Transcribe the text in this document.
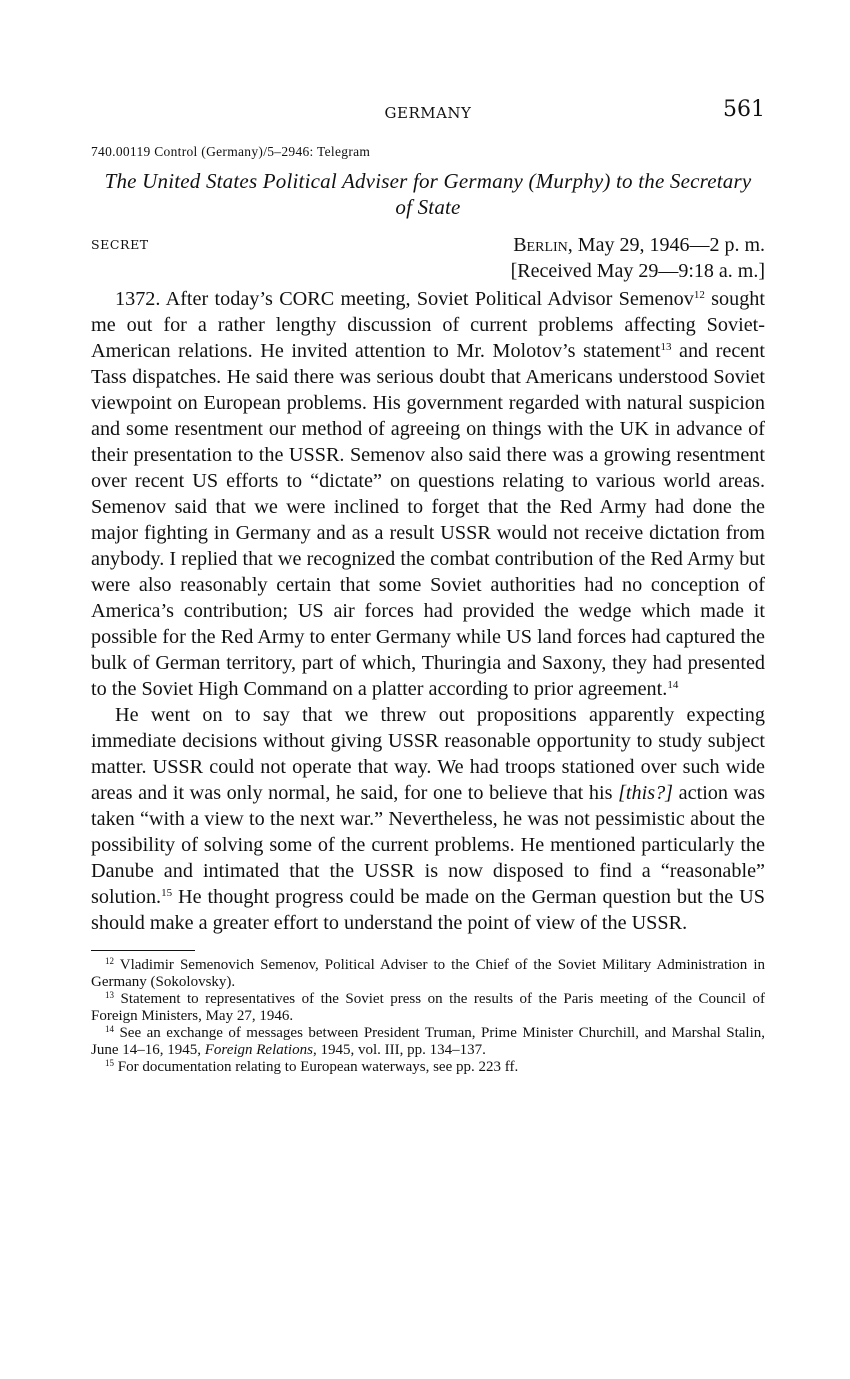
GERMANY	561
740.00119 Control (Germany)/5–2946: Telegram
The United States Political Adviser for Germany (Murphy) to the Secretary of State
SECRET	Berlin, May 29, 1946—2 p. m.
[Received May 29—9:18 a. m.]

1372. After today’s CORC meeting, Soviet Political Advisor Semenov$^{12}$ sought me out for a rather lengthy discussion of current problems affecting Soviet-American relations. He invited attention to Mr. Molotov’s statement$^{13}$ and recent Tass dispatches. He said there was serious doubt that Americans understood Soviet viewpoint on European problems. His government regarded with natural suspicion and some resentment our method of agreeing on things with the UK in advance of their presentation to the USSR. Semenov also said there was a growing resentment over recent US efforts to “dictate” on questions relating to various world areas. Semenov said that we were inclined to forget that the Red Army had done the major fighting in Germany and as a result USSR would not receive dictation from anybody. I replied that we recognized the combat contribution of the Red Army but were also reasonably certain that some Soviet authorities had no conception of America’s contribution; US air forces had provided the wedge which made it possible for the Red Army to enter Germany while US land forces had captured the bulk of German territory, part of which, Thuringia and Saxony, they had presented to the Soviet High Command on a platter according to prior agreement.$^{14}$

He went on to say that we threw out propositions apparently expecting immediate decisions without giving USSR reasonable opportunity to study subject matter. USSR could not operate that way. We had troops stationed over such wide areas and it was only normal, he said, for one to believe that his [this?] action was taken “with a view to the next war.” Nevertheless, he was not pessimistic about the possibility of solving some of the current problems. He mentioned particularly the Danube and intimated that the USSR is now disposed to find a “reasonable” solution.$^{15}$ He thought progress could be made on the German question but the US should make a greater effort to understand the point of view of the USSR.

$^{12}$ Vladimir Semenovich Semenov, Political Adviser to the Chief of the Soviet Military Administration in Germany (Sokolovsky).

$^{13}$ Statement to representatives of the Soviet press on the results of the Paris meeting of the Council of Foreign Ministers, May 27, 1946.

$^{14}$ See an exchange of messages between President Truman, Prime Minister Churchill, and Marshal Stalin, June 14–16, 1945, Foreign Relations, 1945, vol. III, pp. 134–137.

$^{15}$ For documentation relating to European waterways, see pp. 223 ff.
